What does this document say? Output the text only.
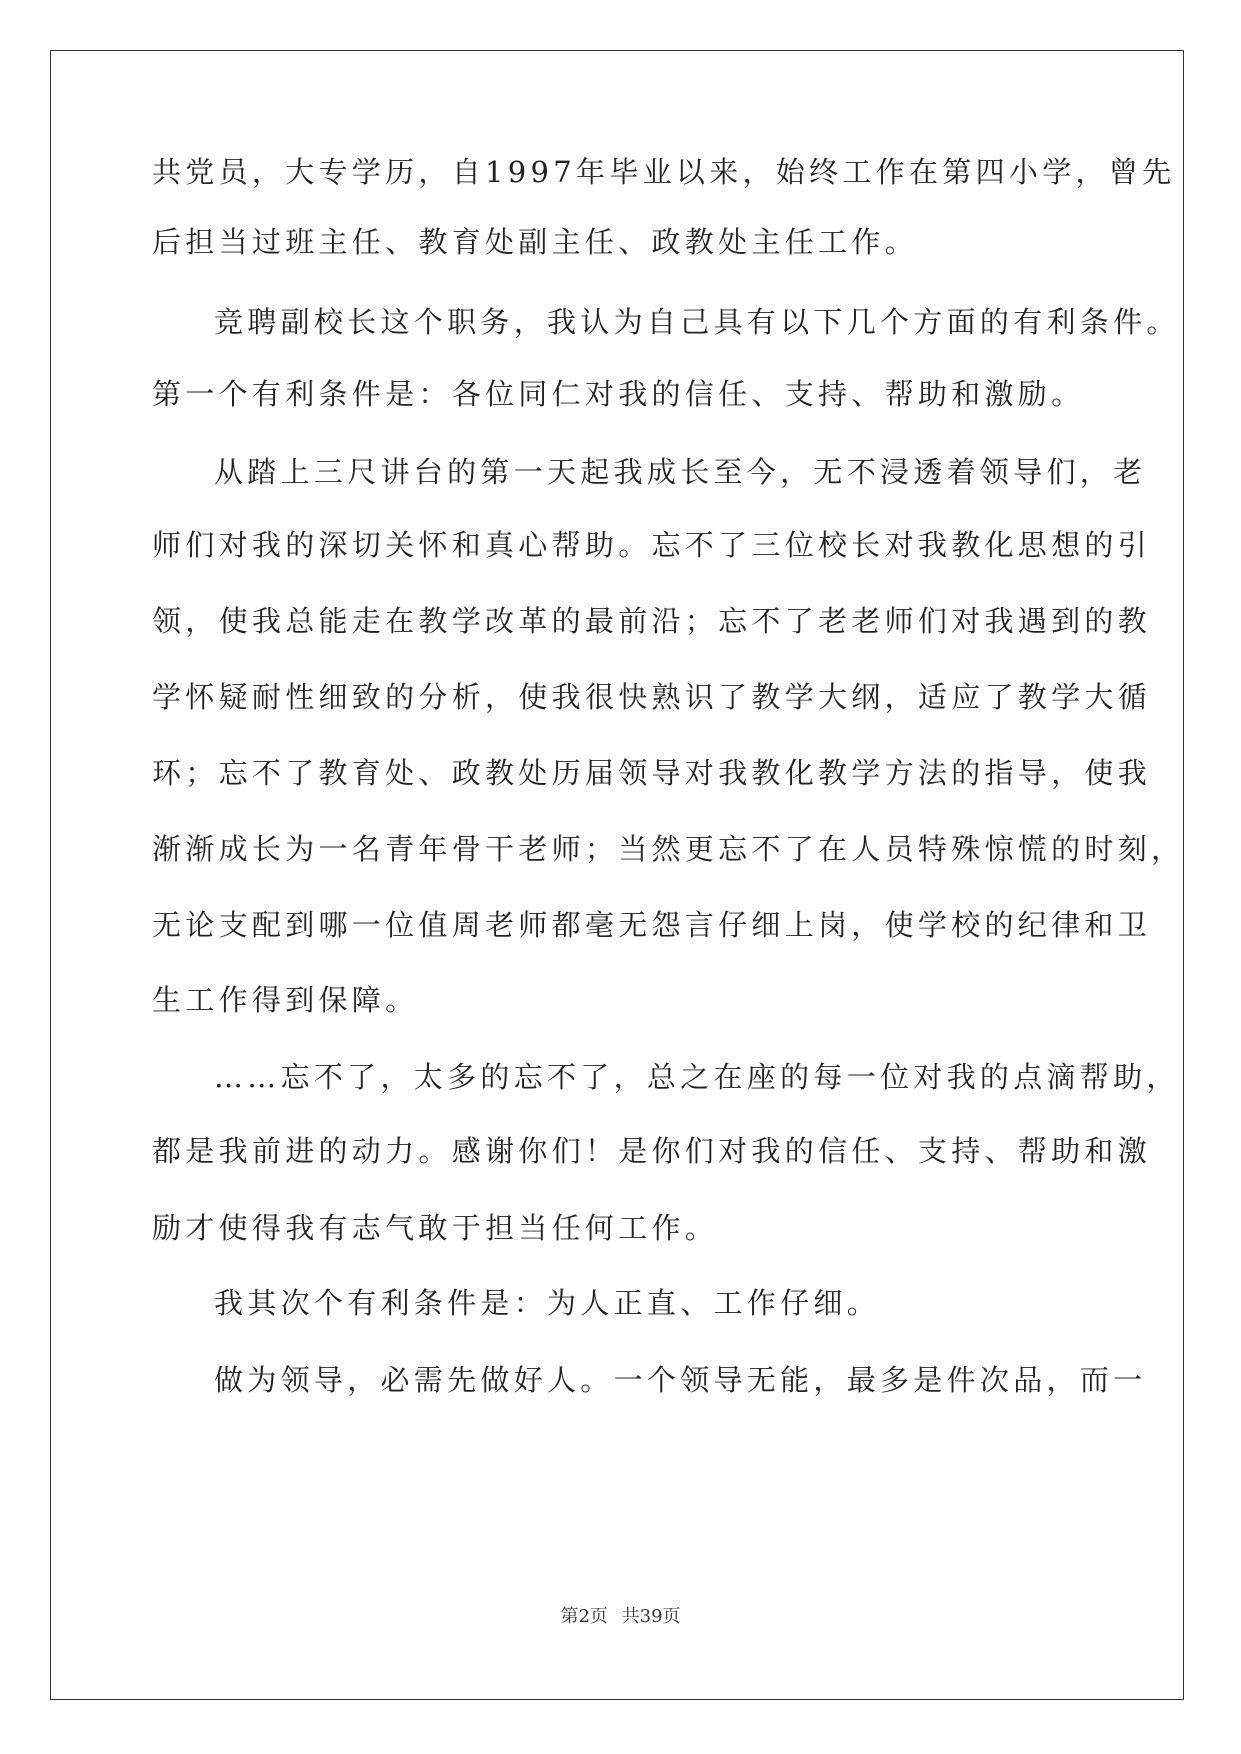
共党员，大专学历，自1997年毕业以来，始终工作在第四小学，曾先

后担当过班主任、教育处副主任、政教处主任工作。

竞聘副校长这个职务，我认为自己具有以下几个方面的有利条件。

第一个有利条件是：各位同仁对我的信任、支持、帮助和激励。

从踏上三尺讲台的第一天起我成长至今，无不浸透着领导们，老

师们对我的深切关怀和真心帮助。忘不了三位校长对我教化思想的引

领，使我总能走在教学改革的最前沿；忘不了老老师们对我遇到的教

学怀疑耐性细致的分析，使我很快熟识了教学大纲，适应了教学大循

环；忘不了教育处、政教处历届领导对我教化教学方法的指导，使我

渐渐成长为一名青年骨干老师；当然更忘不了在人员特殊惊慌的时刻，

无论支配到哪一位值周老师都毫无怨言仔细上岗，使学校的纪律和卫

生工作得到保障。

……忘不了，太多的忘不了，总之在座的每一位对我的点滴帮助，

都是我前进的动力。感谢你们！是你们对我的信任、支持、帮助和激

励才使得我有志气敢于担当任何工作。

我其次个有利条件是：为人正直、工作仔细。

做为领导，必需先做好人。一个领导无能，最多是件次品，而一

第2页 共39页
